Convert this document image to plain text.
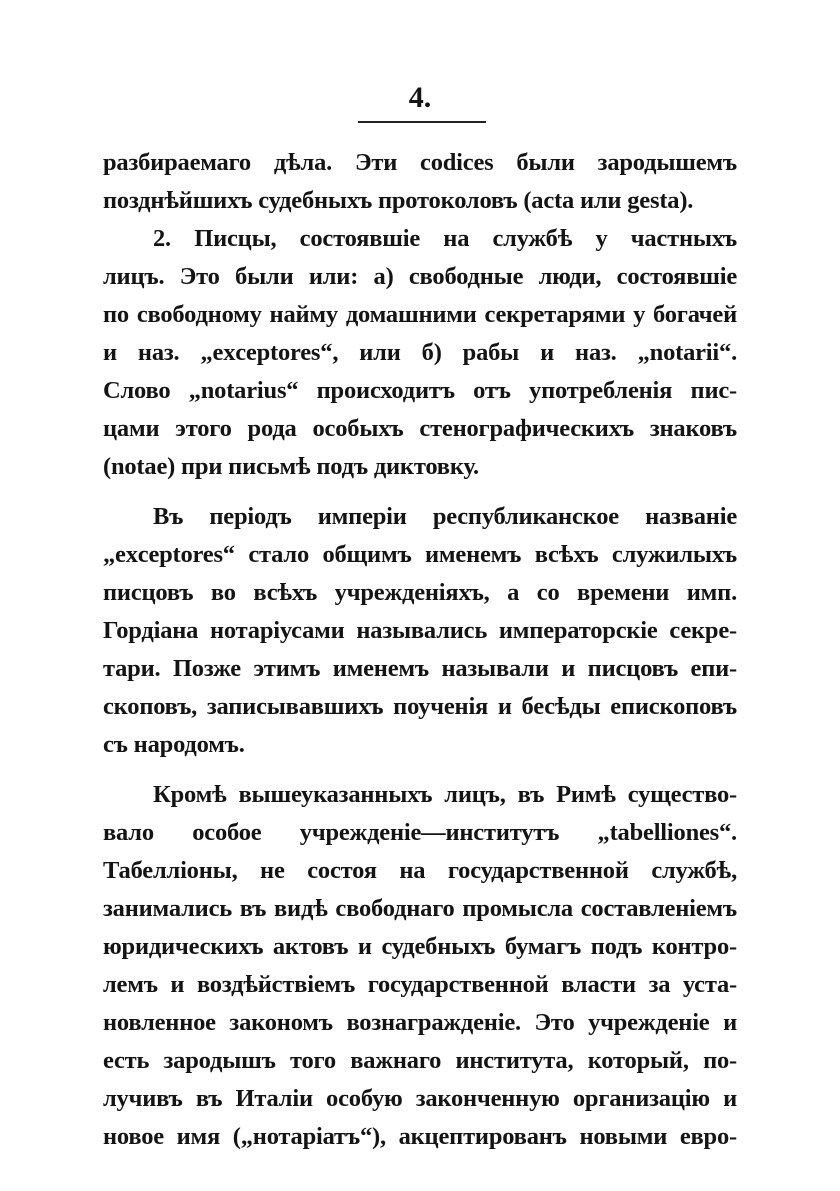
4.
разбираемаго дѣла. Эти codices были зародышемъ
позднѣйшихъ судебныхъ протоколовъ (acta или gesta).
2. Писцы, состоявшіе на службѣ у частныхъ
лицъ. Это были или: а) свободные люди, состоявшіе
по свободному найму домашними секретарями у богачей
и наз. „exceptores“, или б) рабы и наз. „notarii“.
Слово „notarius“ происходитъ отъ употребленія пис-
цами этого рода особыхъ стенографическихъ знаковъ
(notae) при письмѣ подъ диктовку.
Въ періодъ имперіи республиканское названіе
„exceptores“ стало общимъ именемъ всѣхъ служилыхъ
писцовъ во всѣхъ учрежденіяхъ, а со времени имп.
Гордіана нотаріусами назывались императорскіе секре-
тари. Позже этимъ именемъ называли и писцовъ епи-
скоповъ, записывавшихъ поученія и бесѣды епископовъ
съ народомъ.
Кромѣ вышеуказанныхъ лицъ, въ Римѣ существо-
вало особое учрежденіе—институтъ „tabelliones“.
Табелліоны, не состоя на государственной службѣ,
занимались въ видѣ свободнаго промысла составленіемъ
юридическихъ актовъ и судебныхъ бумагъ подъ контро-
лемъ и воздѣйствіемъ государственной власти за уста-
новленное закономъ вознагражденіе. Это учрежденіе и
есть зародышъ того важнаго института, который, по-
лучивъ въ Италіи особую законченную организацію и
новое имя („нотаріатъ“), акцептированъ новыми евро-
